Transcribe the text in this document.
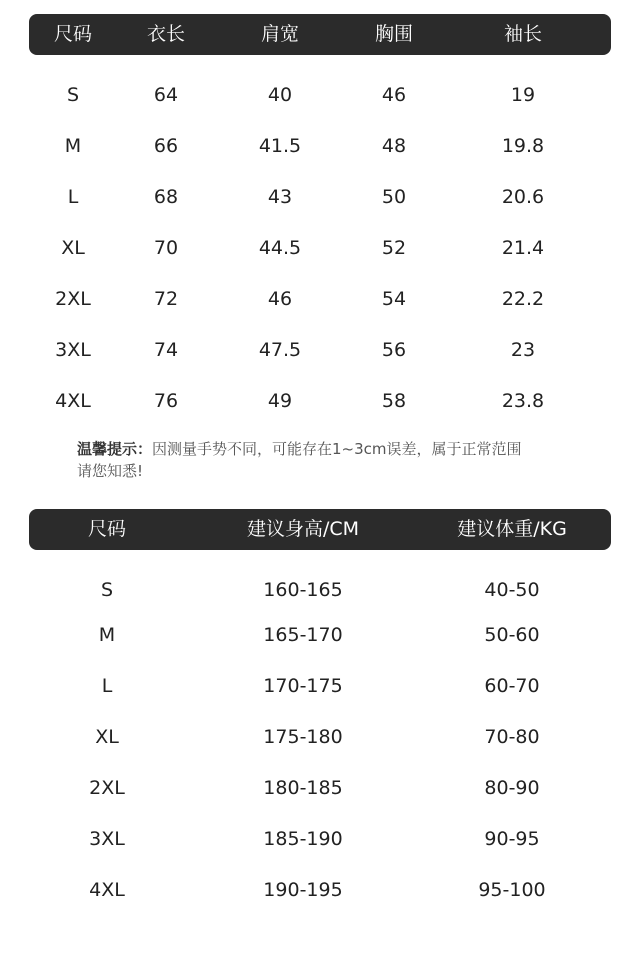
尺码	衣长	肩宽	胸围	袖长
S	64	40	46	19
M	66	41.5	48	19.8
L	68	43	50	20.6
XL	70	44.5	52	21.4
2XL	72	46	54	22.2
3XL	74	47.5	56	23
4XL	76	49	58	23.8
温馨提示：因测量手势不同，可能存在1~3cm误差，属于正常范围
请您知悉!
尺码	建议身高/CM	建议体重/KG
S	160-165	40-50
M	165-170	50-60
L	170-175	60-70
XL	175-180	70-80
2XL	180-185	80-90
3XL	185-190	90-95
4XL	190-195	95-100
